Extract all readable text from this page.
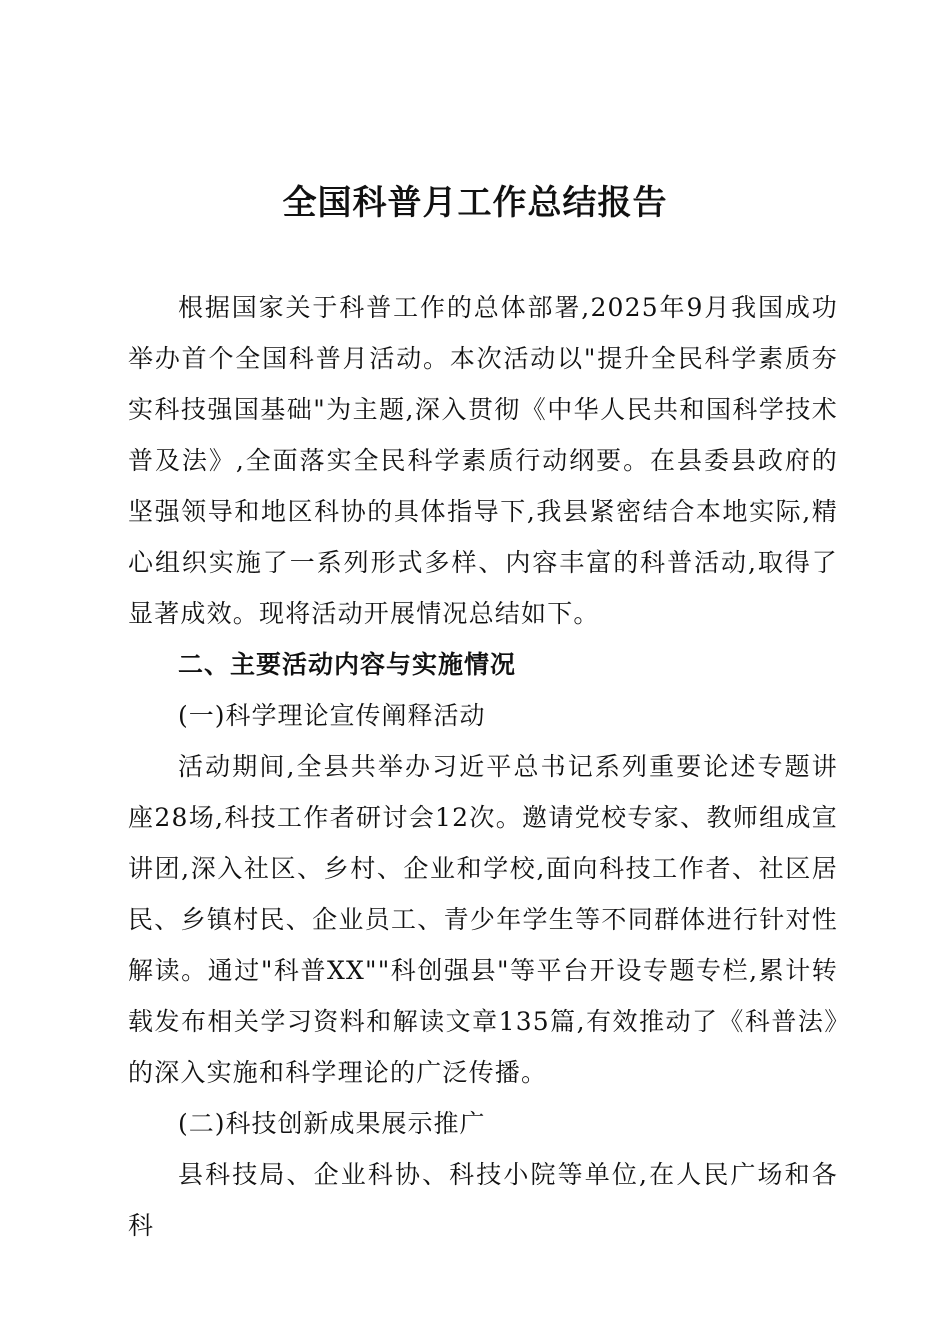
全国科普月工作总结报告

根据国家关于科普工作的总体部署,2025年9月我国成功举办首个全国科普月活动。本次活动以"提升全民科学素质夯实科技强国基础"为主题,深入贯彻《中华人民共和国科学技术普及法》,全面落实全民科学素质行动纲要。在县委县政府的坚强领导和地区科协的具体指导下,我县紧密结合本地实际,精心组织实施了一系列形式多样、内容丰富的科普活动,取得了显著成效。现将活动开展情况总结如下。

二、主要活动内容与实施情况

(一)科学理论宣传阐释活动

活动期间,全县共举办习近平总书记系列重要论述专题讲座28场,科技工作者研讨会12次。邀请党校专家、教师组成宣讲团,深入社区、乡村、企业和学校,面向科技工作者、社区居民、乡镇村民、企业员工、青少年学生等不同群体进行针对性解读。通过"科普XX""科创强县"等平台开设专题专栏,累计转载发布相关学习资料和解读文章135篇,有效推动了《科普法》的深入实施和科学理论的广泛传播。

(二)科技创新成果展示推广

县科技局、企业科协、科技小院等单位,在人民广场和各科
